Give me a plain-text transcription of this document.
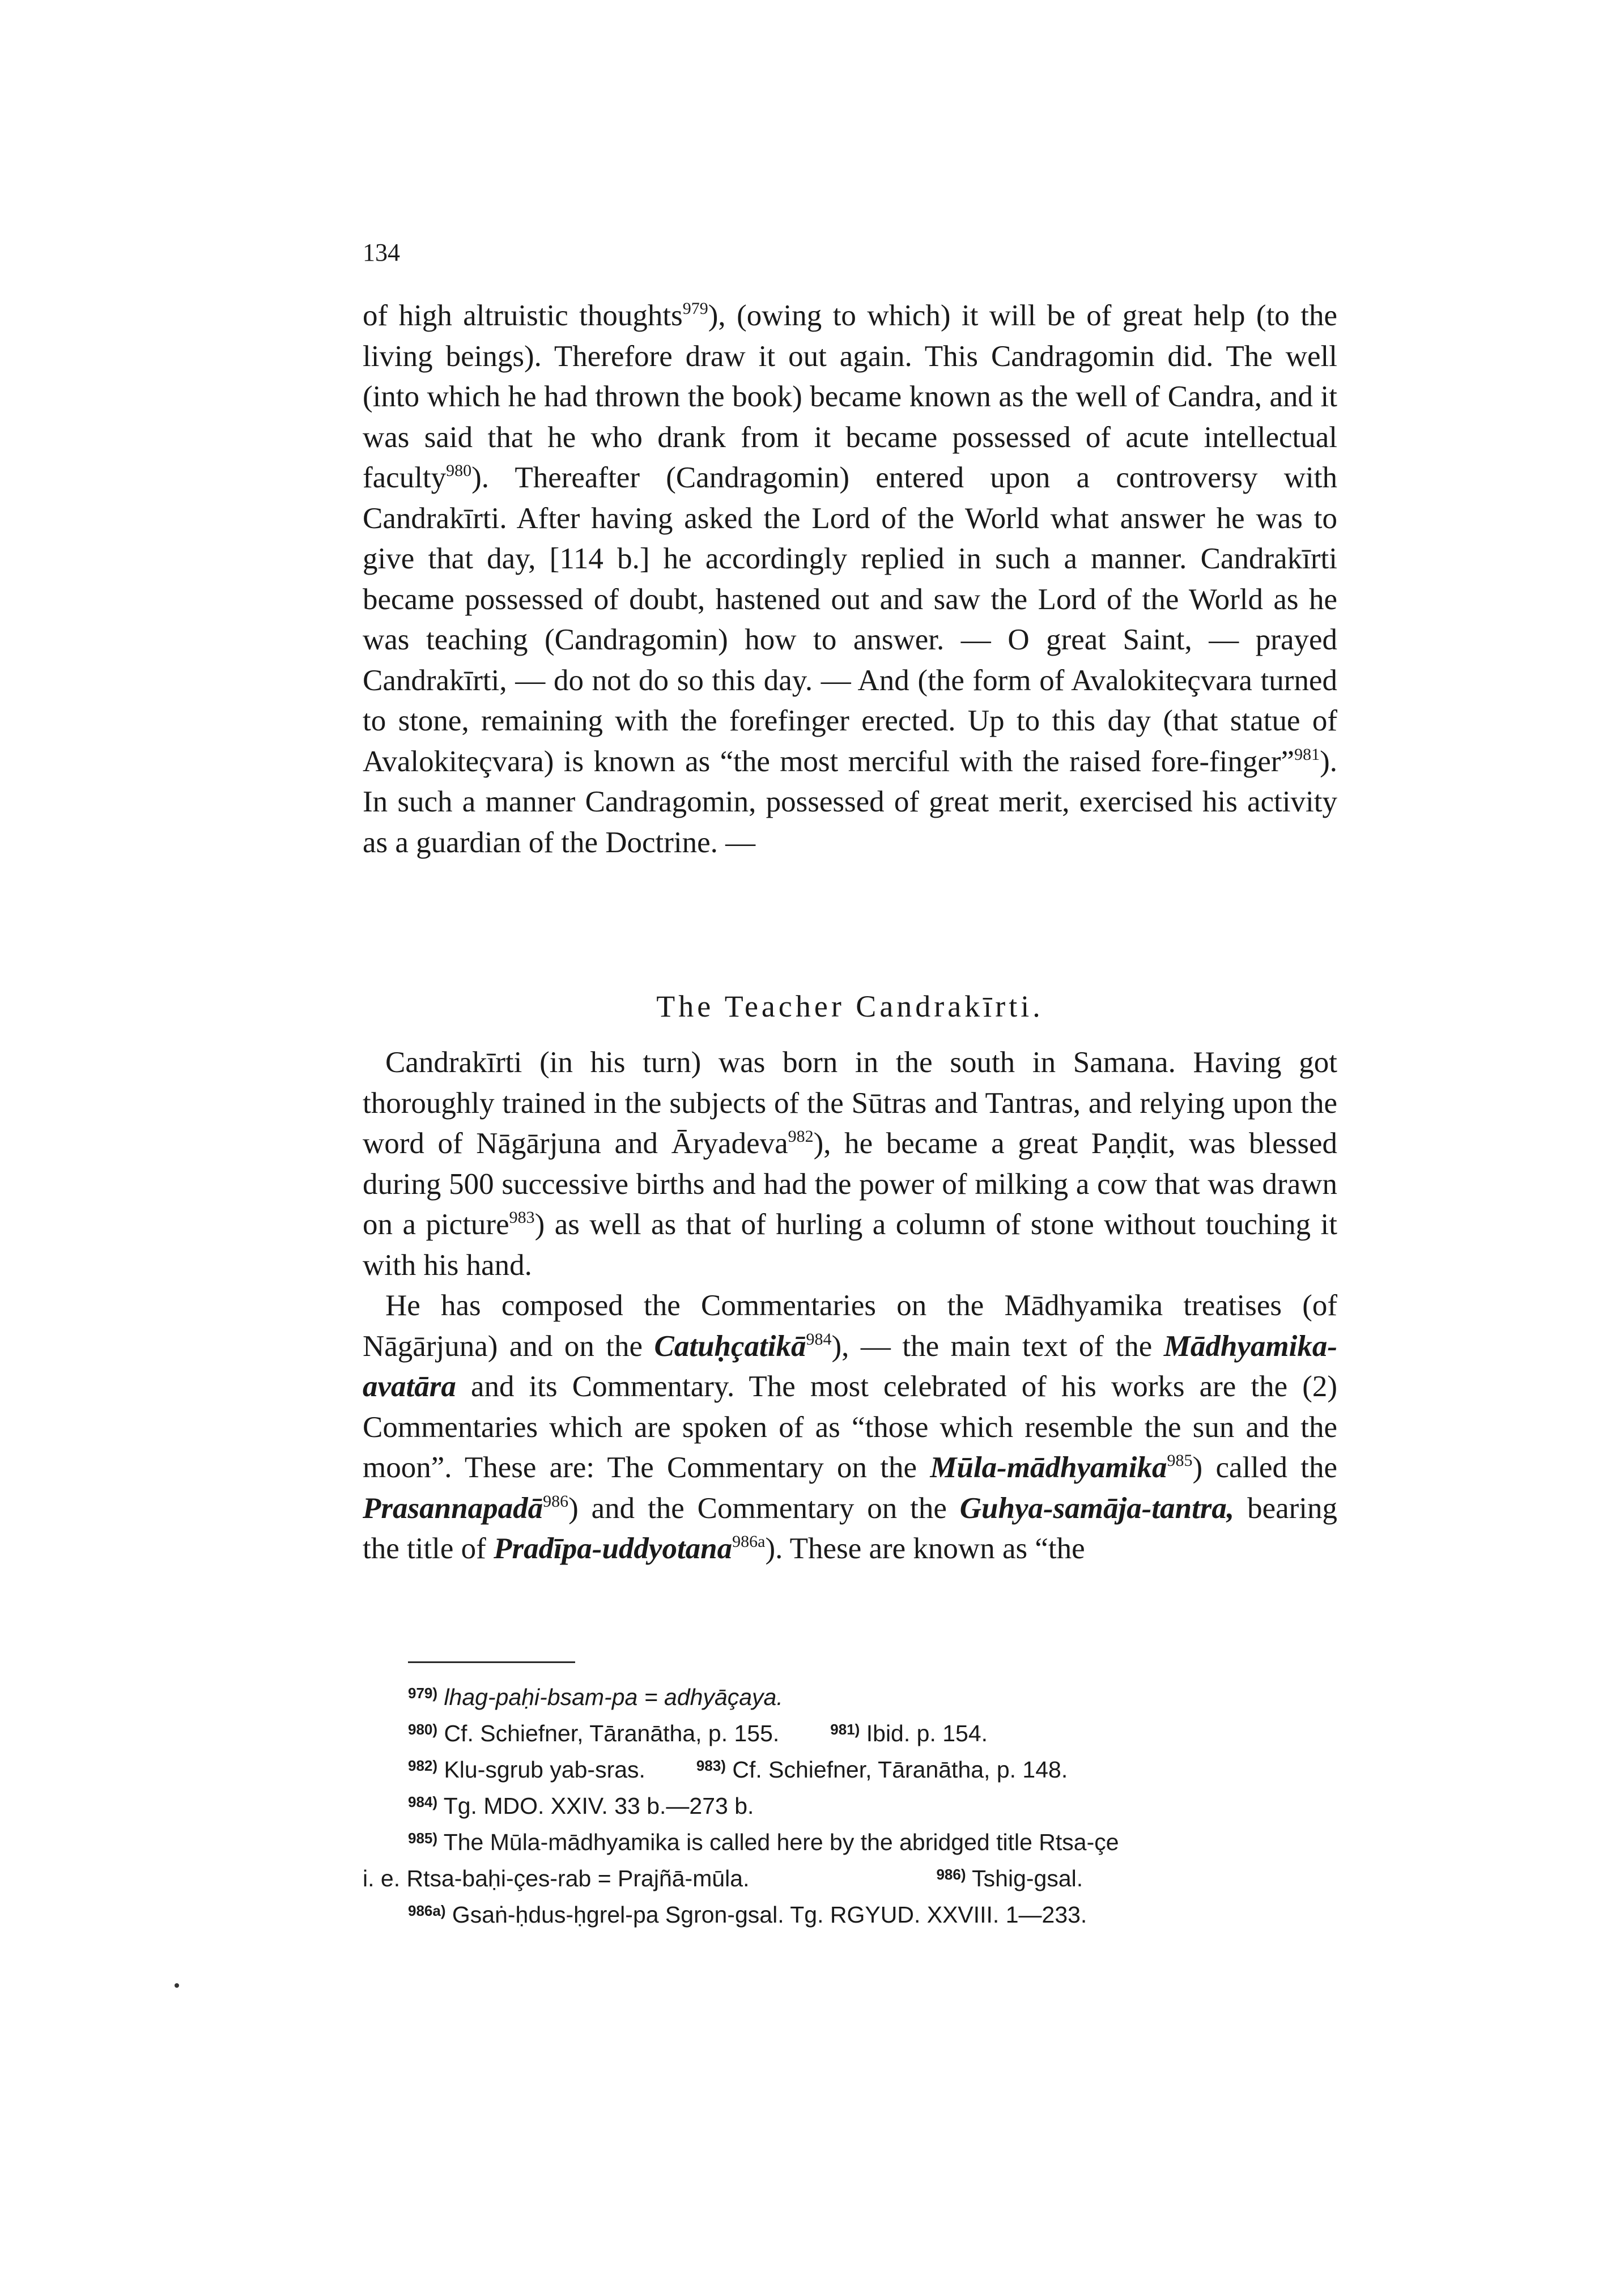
134

of high altruistic thoughts$^{979}$), (owing to which) it will be of great help (to the living beings). Therefore draw it out again. This Candragomin did. The well (into which he had thrown the book) became known as the well of Candra, and it was said that he who drank from it became possessed of acute intellectual faculty$^{980}$). Thereafter (Candragomin) entered upon a controversy with Candrakīrti. After having asked the Lord of the World what answer he was to give that day, [114 b.] he accordingly replied in such a manner. Candrakīrti became possessed of doubt, hastened out and saw the Lord of the World as he was teaching (Candragomin) how to answer. — O great Saint, — prayed Candrakīrti, — do not do so this day. — And (the form of Avalokiteçvara turned to stone, remaining with the forefinger erected. Up to this day (that statue of Avalokiteçvara) is known as “the most merciful with the raised fore-finger”$^{981}$). In such a manner Candragomin, possessed of great merit, exercised his activity as a guardian of the Doctrine. —

The Teacher Candrakīrti.

Candrakīrti (in his turn) was born in the south in Samana. Having got thoroughly trained in the subjects of the Sūtras and Tantras, and relying upon the word of Nāgārjuna and Āryadeva$^{982}$), he became a great Paṇḍit, was blessed during 500 successive births and had the power of milking a cow that was drawn on a picture$^{983}$) as well as that of hurling a column of stone without touching it with his hand.

He has composed the Commentaries on the Mādhyamika treatises (of Nāgārjuna) and on the Catuḥçatikā$^{984}$), — the main text of the Mādhyamika-avatāra and its Commentary. The most celebrated of his works are the (2) Commentaries which are spoken of as “those which resemble the sun and the moon”. These are: The Commentary on the Mūla-mādhyamika$^{985}$) called the Prasannapadā$^{986}$) and the Commentary on the Guhya-samāja-tantra, bearing the title of Pradīpa-uddyotana$^{986a}$). These are known as “the

$^{979)}$ lhag-paḥi-bsam-pa = adhyāçaya.
$^{980)}$ Cf. Schiefner, Tāranātha, p. 155.	$^{981)}$ Ibid. p. 154.
$^{982)}$ Klu-sgrub yab-sras.	$^{983)}$ Cf. Schiefner, Tāranātha, p. 148.
$^{984)}$ Tg. MDO. XXIV. 33 b.—273 b.
$^{985)}$ The Mūla-mādhyamika is called here by the abridged title Rtsa-çe
i. e. Rtsa-baḥi-çes-rab = Prajñā-mūla.	$^{986)}$ Tshig-gsal.
$^{986a)}$ Gsaṅ-ḥdus-ḥgrel-pa Sgron-gsal. Tg. RGYUD. XXVIII. 1—233.
